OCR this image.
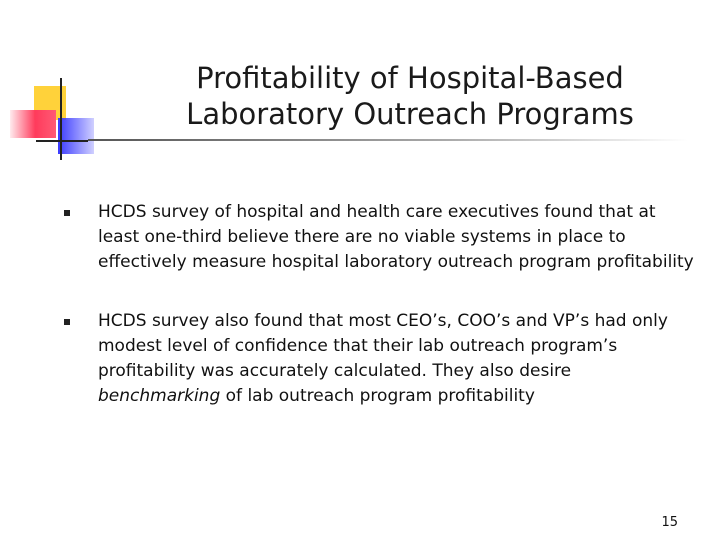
Profitability of Hospital-Based Laboratory Outreach Programs
HCDS survey of hospital and health care executives found that at least one-third believe there are no viable systems in place to effectively measure hospital laboratory outreach program profitability
HCDS survey also found that most CEO’s, COO’s and VP’s had only modest level of confidence that their lab outreach program’s profitability was accurately calculated. They also desire benchmarking of lab outreach program profitability
15
